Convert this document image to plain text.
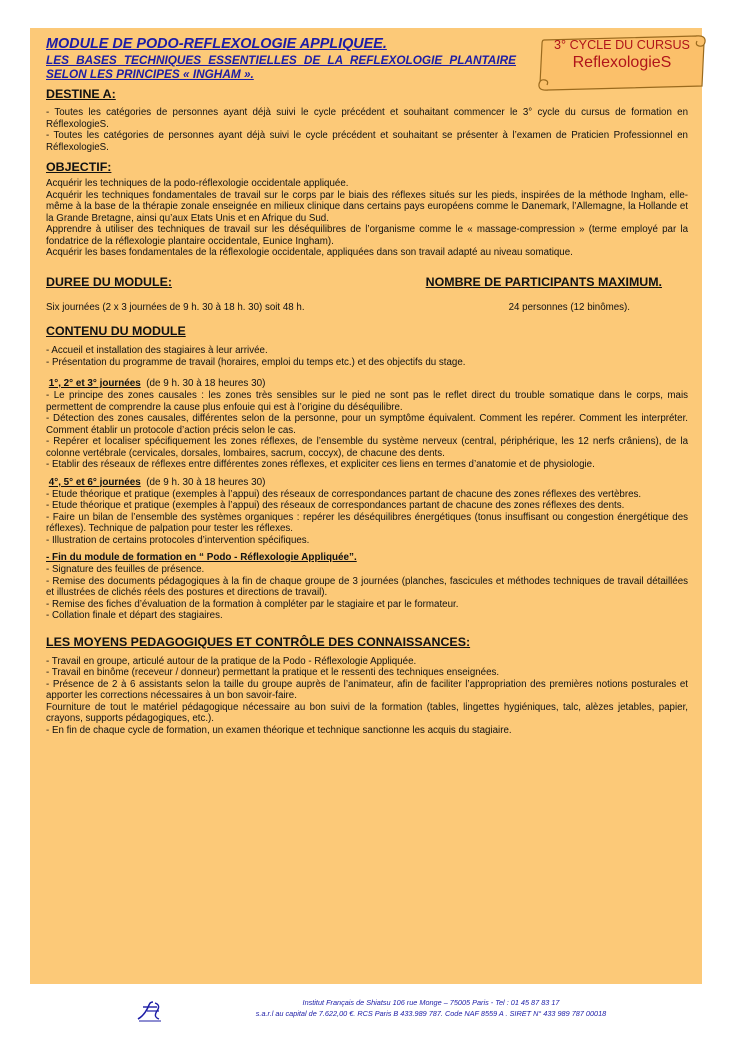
MODULE DE PODO-REFLEXOLOGIE APPLIQUEE.

LES BASES TECHNIQUES ESSENTIELLES DE LA REFLEXOLOGIE PLANTAIRE SELON LES PRINCIPES « INGHAM ».

3° CYCLE DU CURSUS
ReflexologieS

DESTINE A:

- Toutes les catégories de personnes ayant déjà suivi le cycle précédent et souhaitant commencer le 3° cycle du cursus de formation en RéflexologieS.

- Toutes les catégories de personnes ayant déjà suivi le cycle précédent et souhaitant se présenter à l’examen de Praticien Professionnel en RéflexologieS.

OBJECTIF:

Acquérir les techniques de la podo-réflexologie occidentale appliquée.

Acquérir les techniques fondamentales de travail sur le corps par le biais des réflexes situés sur les pieds, inspirées de la méthode Ingham, elle-même à la base de la thérapie zonale enseignée en milieux clinique dans certains pays européens comme le Danemark, l’Allemagne, la Hollande et la Grande Bretagne, ainsi qu’aux Etats Unis et en Afrique du Sud.

Apprendre à utiliser des techniques de travail sur les déséquilibres de l’organisme comme le « massage-compression » (terme employé par la fondatrice de la réflexologie plantaire occidentale, Eunice Ingham).

Acquérir les bases fondamentales de la réflexologie occidentale, appliquées dans son travail adapté au niveau somatique.

DUREE DU MODULE:	NOMBRE DE PARTICIPANTS MAXIMUM.

Six journées (2 x 3 journées de 9 h. 30 à 18 h. 30) soit 48 h.	24 personnes (12 binômes).

CONTENU DU MODULE

- Accueil et installation des stagiaires à leur arrivée.

- Présentation du programme de travail (horaires, emploi du temps etc.) et des objectifs du stage.

1°, 2° et 3° journées (de 9 h. 30 à 18 heures 30)

- Le principe des zones causales : les zones très sensibles sur le pied ne sont pas le reflet direct du trouble somatique dans le corps, mais permettent de comprendre la cause plus enfouie qui est à l’origine du déséquilibre.

- Détection des zones causales, différentes selon de la personne, pour un symptôme équivalent. Comment les repérer. Comment les interpréter. Comment établir un protocole d’action précis selon le cas.

- Repérer et localiser spécifiquement les zones réflexes, de l’ensemble du système nerveux (central, périphérique, les 12 nerfs crâniens), de la colonne vertébrale (cervicales, dorsales, lombaires, sacrum, coccyx), de chacune des dents.

- Etablir des réseaux de réflexes entre différentes zones réflexes, et expliciter ces liens en termes d’anatomie et de physiologie.

4°, 5° et 6° journées (de 9 h. 30 à 18 heures 30)

- Etude théorique et pratique (exemples à l’appui) des réseaux de correspondances partant de chacune des zones réflexes des vertèbres.

- Etude théorique et pratique (exemples à l’appui) des réseaux de correspondances partant de chacune des zones réflexes des dents.

- Faire un bilan de l’ensemble des systèmes organiques : repérer les déséquilibres énergétiques (tonus insuffisant ou congestion énergétique des réflexes). Technique de palpation pour tester les réflexes.

- Illustration de certains protocoles d’intervention spécifiques.

- Fin du module de formation en “ Podo - Réflexologie Appliquée”.

- Signature des feuilles de présence.

- Remise des documents pédagogiques à la fin de chaque groupe de 3 journées (planches, fascicules et méthodes techniques de travail détaillées et illustrées de clichés réels des postures et directions de travail).

- Remise des fiches d’évaluation de la formation à compléter par le stagiaire et par le formateur.

- Collation finale et départ des stagiaires.

LES MOYENS PEDAGOGIQUES ET CONTRÔLE DES CONNAISSANCES:

- Travail en groupe, articulé autour de la pratique de la Podo - Réflexologie Appliquée.

- Travail en binôme (receveur / donneur) permettant la pratique et le ressenti des techniques enseignées.

- Présence de 2 à 6 assistants selon la taille du groupe auprès de l’animateur, afin de faciliter l’appropriation des premières notions posturales et apporter les corrections nécessaires à un bon savoir-faire.

Fourniture de tout le matériel pédagogique nécessaire au bon suivi de la formation (tables, lingettes hygiéniques, talc, alèzes jetables, papier, crayons, supports pédagogiques, etc.).

- En fin de chaque cycle de formation, un examen théorique et technique sanctionne les acquis du stagiaire.

Institut Français de Shiatsu 106 rue Monge – 75005 Paris - Tel : 01 45 87 83 17
s.a.r.l au capital de 7.622,00 €. RCS Paris B 433.989 787. Code NAF 8559 A . SIRET N° 433 989 787 00018
